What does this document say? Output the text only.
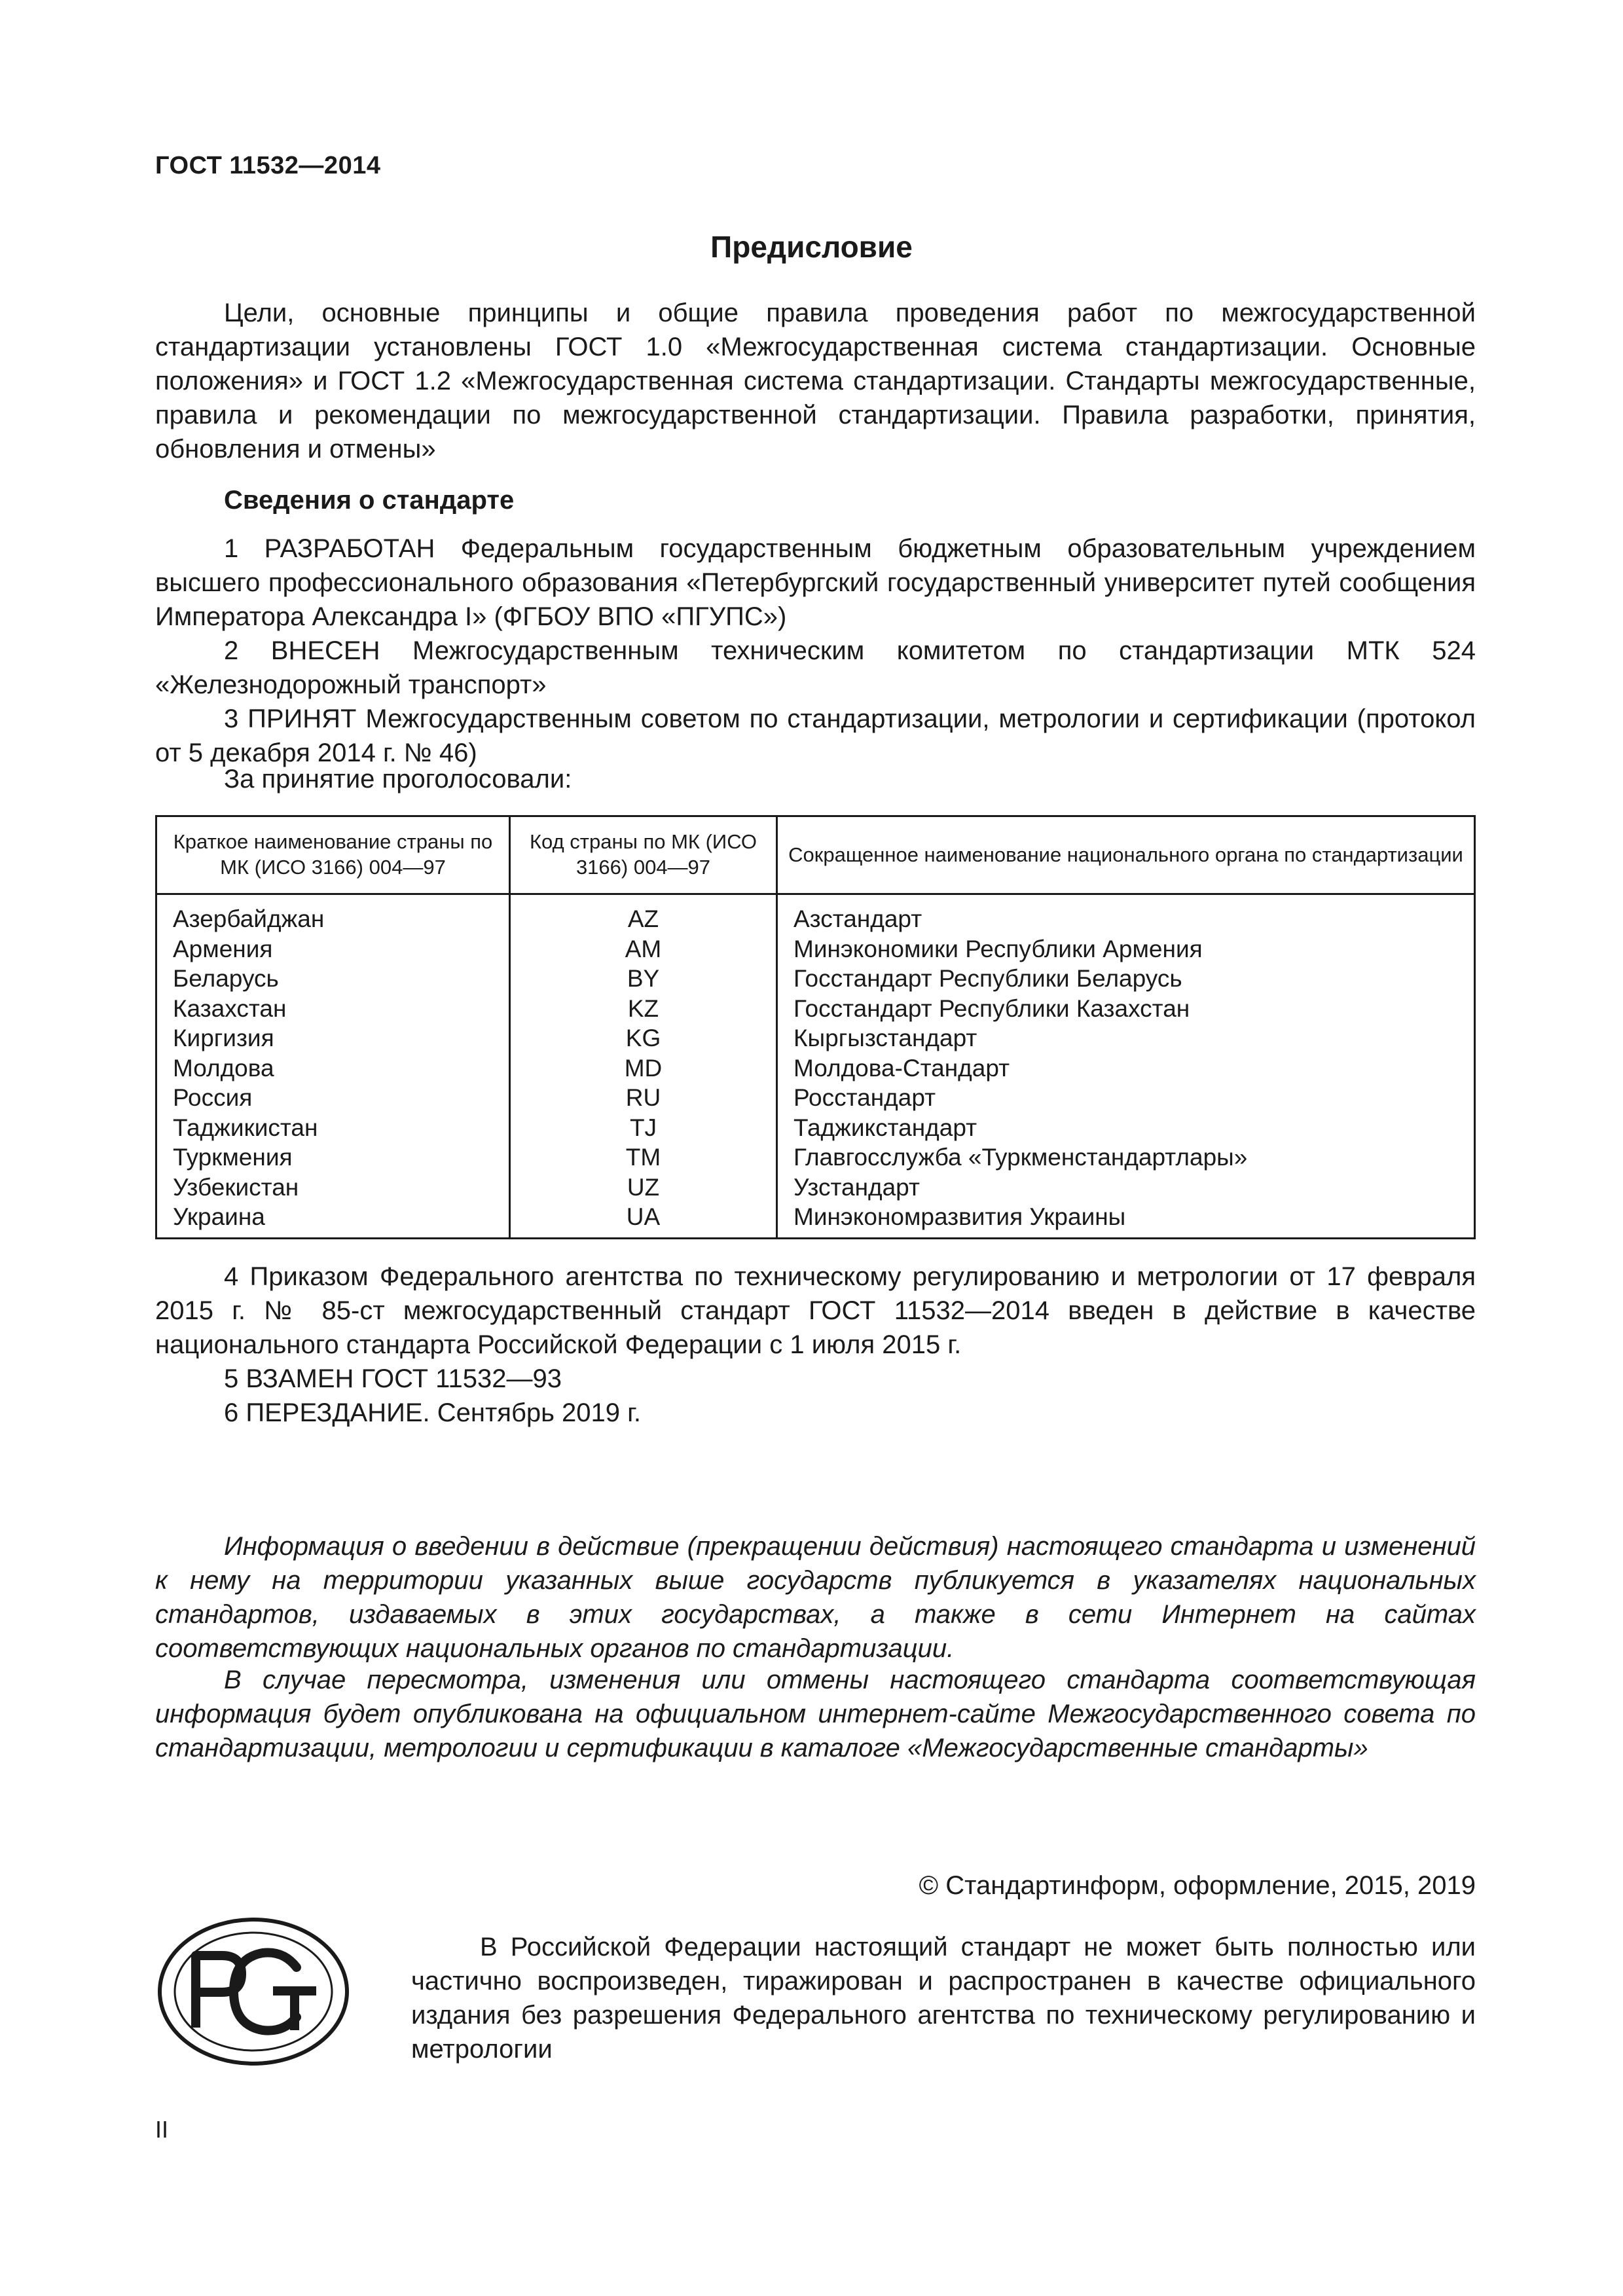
ГОСТ 11532—2014
Предисловие
Цели, основные принципы и общие правила проведения работ по межгосударственной стандартизации установлены ГОСТ 1.0 «Межгосударственная система стандартизации. Основные положения» и ГОСТ 1.2 «Межгосударственная система стандартизации. Стандарты межгосударственные, правила и рекомендации по межгосударственной стандартизации. Правила разработки, принятия, обновления и отмены»
Сведения о стандарте
1 РАЗРАБОТАН Федеральным государственным бюджетным образовательным учреждением высшего профессионального образования «Петербургский государственный университет путей сообщения Императора Александра I» (ФГБОУ ВПО «ПГУПС»)
2 ВНЕСЕН Межгосударственным техническим комитетом по стандартизации МТК 524 «Железнодорожный транспорт»
3 ПРИНЯТ Межгосударственным советом по стандартизации, метрологии и сертификации (протокол от 5 декабря 2014 г. № 46)
За принятие проголосовали:
Краткое наименование страны по МК (ИСО 3166) 004—97	Код страны по МК (ИСО 3166) 004—97	Сокращенное наименование национального органа по стандартизации
Азербайджан	AZ	Азстандарт
Армения	AM	Минэкономики Республики Армения
Беларусь	BY	Госстандарт Республики Беларусь
Казахстан	KZ	Госстандарт Республики Казахстан
Киргизия	KG	Кыргызстандарт
Молдова	MD	Молдова-Стандарт
Россия	RU	Росстандарт
Таджикистан	TJ	Таджикстандарт
Туркмения	TM	Главгосслужба «Туркменстандартлары»
Узбекистан	UZ	Узстандарт
Украина	UA	Минэкономразвития Украины
4 Приказом Федерального агентства по техническому регулированию и метрологии от 17 февраля 2015 г. № 85-ст межгосударственный стандарт ГОСТ 11532—2014 введен в действие в качестве национального стандарта Российской Федерации с 1 июля 2015 г.
5 ВЗАМЕН ГОСТ 11532—93
6 ПЕРЕЗДАНИЕ. Сентябрь 2019 г.
Информация о введении в действие (прекращении действия) настоящего стандарта и изменений к нему на территории указанных выше государств публикуется в указателях национальных стандартов, издаваемых в этих государствах, а также в сети Интернет на сайтах соответствующих национальных органов по стандартизации.
В случае пересмотра, изменения или отмены настоящего стандарта соответствующая информация будет опубликована на официальном интернет-сайте Межгосударственного совета по стандартизации, метрологии и сертификации в каталоге «Межгосударственные стандарты»
© Стандартинформ, оформление, 2015, 2019
В Российской Федерации настоящий стандарт не может быть полностью или частично воспроизведен, тиражирован и распространен в качестве официального издания без разрешения Федерального агентства по техническому регулированию и метрологии
II
